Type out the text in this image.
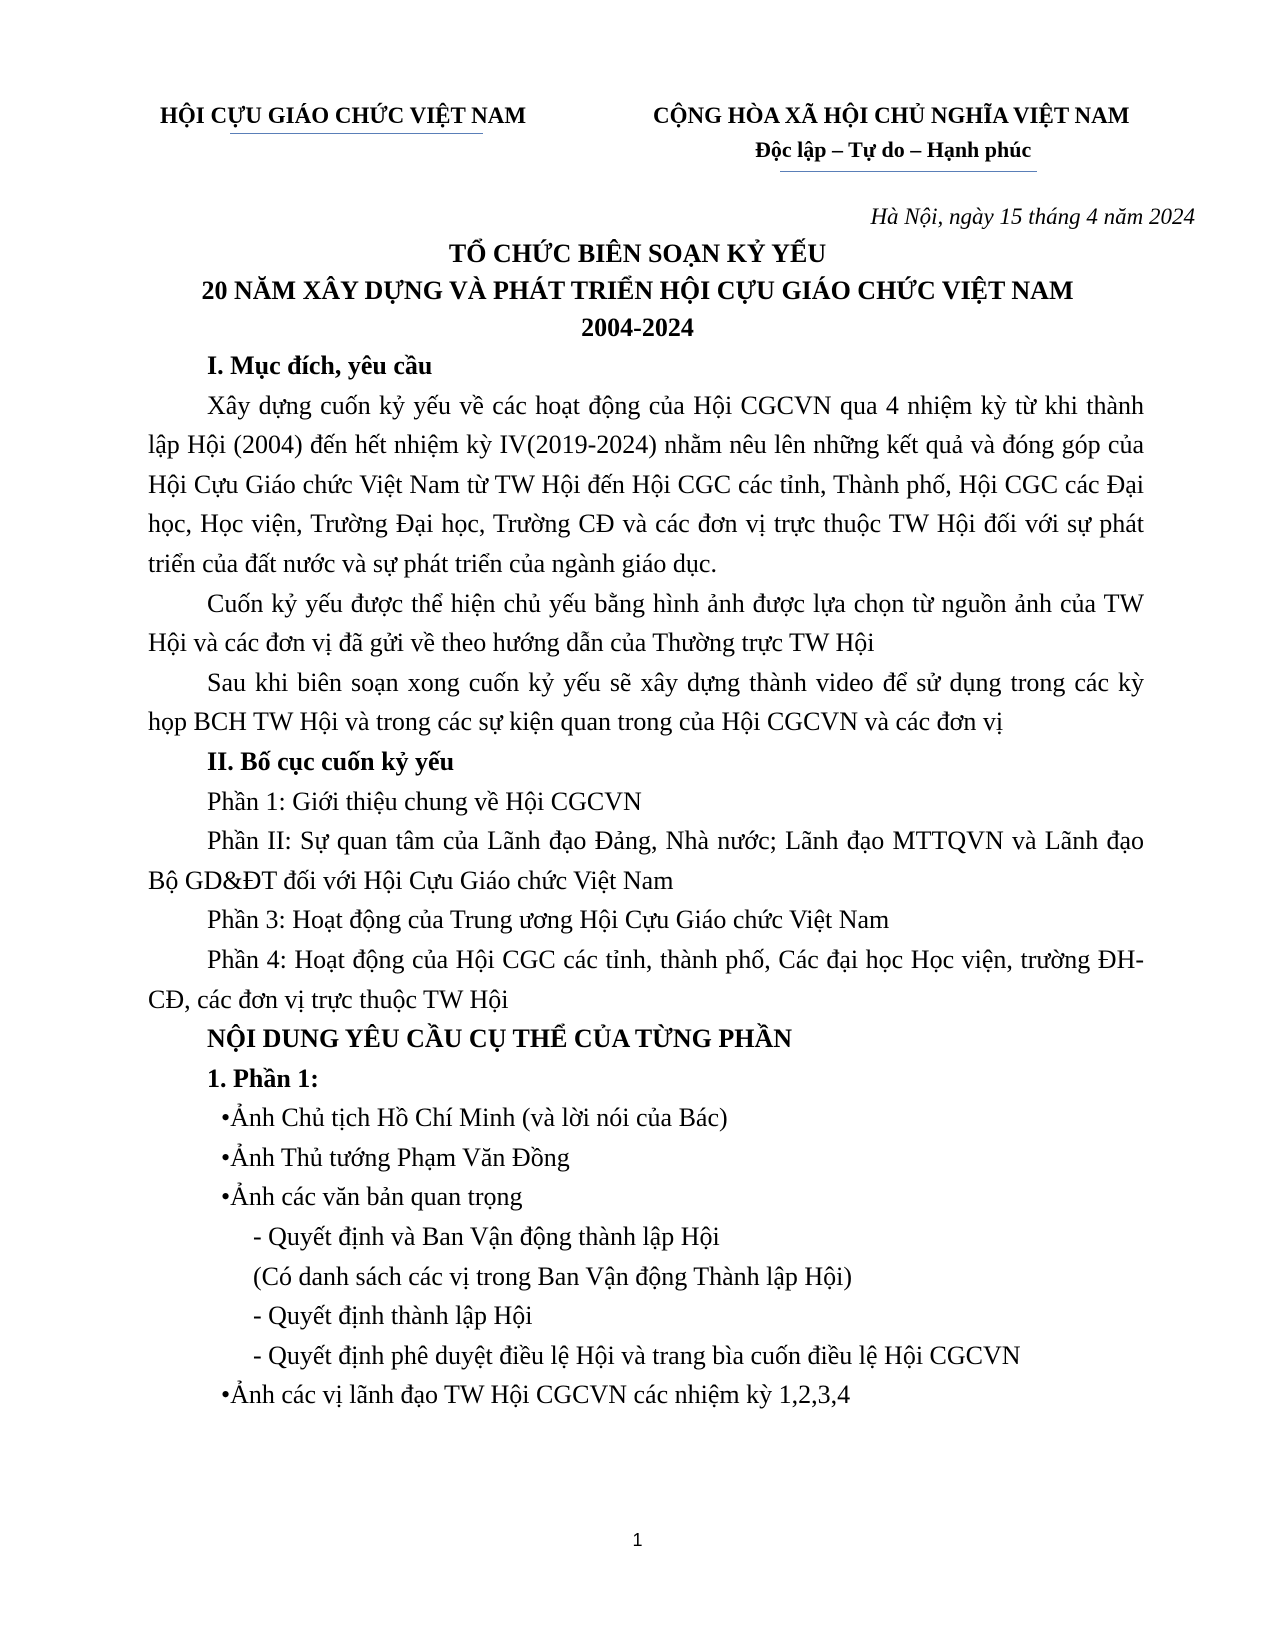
HỘI CỰU GIÁO CHỨC VIỆT NAM	CỘNG HÒA XÃ HỘI CHỦ NGHĨA VIỆT NAM
Độc lập – Tự do – Hạnh phúc
Hà Nội, ngày 15 tháng 4 năm 2024
TỔ CHỨC BIÊN SOẠN KỶ YẾU
20 NĂM XÂY DỰNG VÀ PHÁT TRIỂN HỘI CỰU GIÁO CHỨC VIỆT NAM
2004-2024

I. Mục đích, yêu cầu

Xây dựng cuốn kỷ yếu về các hoạt động của Hội CGCVN qua 4 nhiệm kỳ từ khi thành lập Hội (2004) đến hết nhiệm kỳ IV(2019-2024) nhằm nêu lên những kết quả và đóng góp của Hội Cựu Giáo chức Việt Nam từ TW Hội đến Hội CGC các tỉnh, Thành phố, Hội CGC các Đại học, Học viện, Trường Đại học, Trường CĐ và các đơn vị trực thuộc TW Hội đối với sự phát triển của đất nước và sự phát triển của ngành giáo dục.

Cuốn kỷ yếu được thể hiện chủ yếu bằng hình ảnh được lựa chọn từ nguồn ảnh của TW Hội và các đơn vị đã gửi về theo hướng dẫn của Thường trực TW Hội

Sau khi biên soạn xong cuốn kỷ yếu sẽ xây dựng thành video để sử dụng trong các kỳ họp BCH TW Hội và trong các sự kiện quan trong của Hội CGCVN và các đơn vị

II. Bố cục cuốn kỷ yếu

Phần 1: Giới thiệu chung về Hội CGCVN

Phần II: Sự quan tâm của Lãnh đạo Đảng, Nhà nước; Lãnh đạo MTTQVN và Lãnh đạo Bộ GD&ĐT đối với Hội Cựu Giáo chức Việt Nam

Phần 3: Hoạt động của Trung ương Hội Cựu Giáo chức Việt Nam

Phần 4: Hoạt động của Hội CGC các tỉnh, thành phố, Các đại học Học viện, trường ĐH-CĐ, các đơn vị trực thuộc TW Hội

NỘI DUNG YÊU CẦU CỤ THỂ CỦA TỪNG PHẦN

1. Phần 1:

•Ảnh Chủ tịch Hồ Chí Minh (và lời nói của Bác)

•Ảnh Thủ tướng Phạm Văn Đồng

•Ảnh các văn bản quan trọng

- Quyết định và Ban Vận động thành lập Hội

(Có danh sách các vị trong Ban Vận động Thành lập Hội)

- Quyết định thành lập Hội

- Quyết định phê duyệt điều lệ Hội và trang bìa cuốn điều lệ Hội CGCVN

•Ảnh các vị lãnh đạo TW Hội CGCVN các nhiệm kỳ 1,2,3,4

1
